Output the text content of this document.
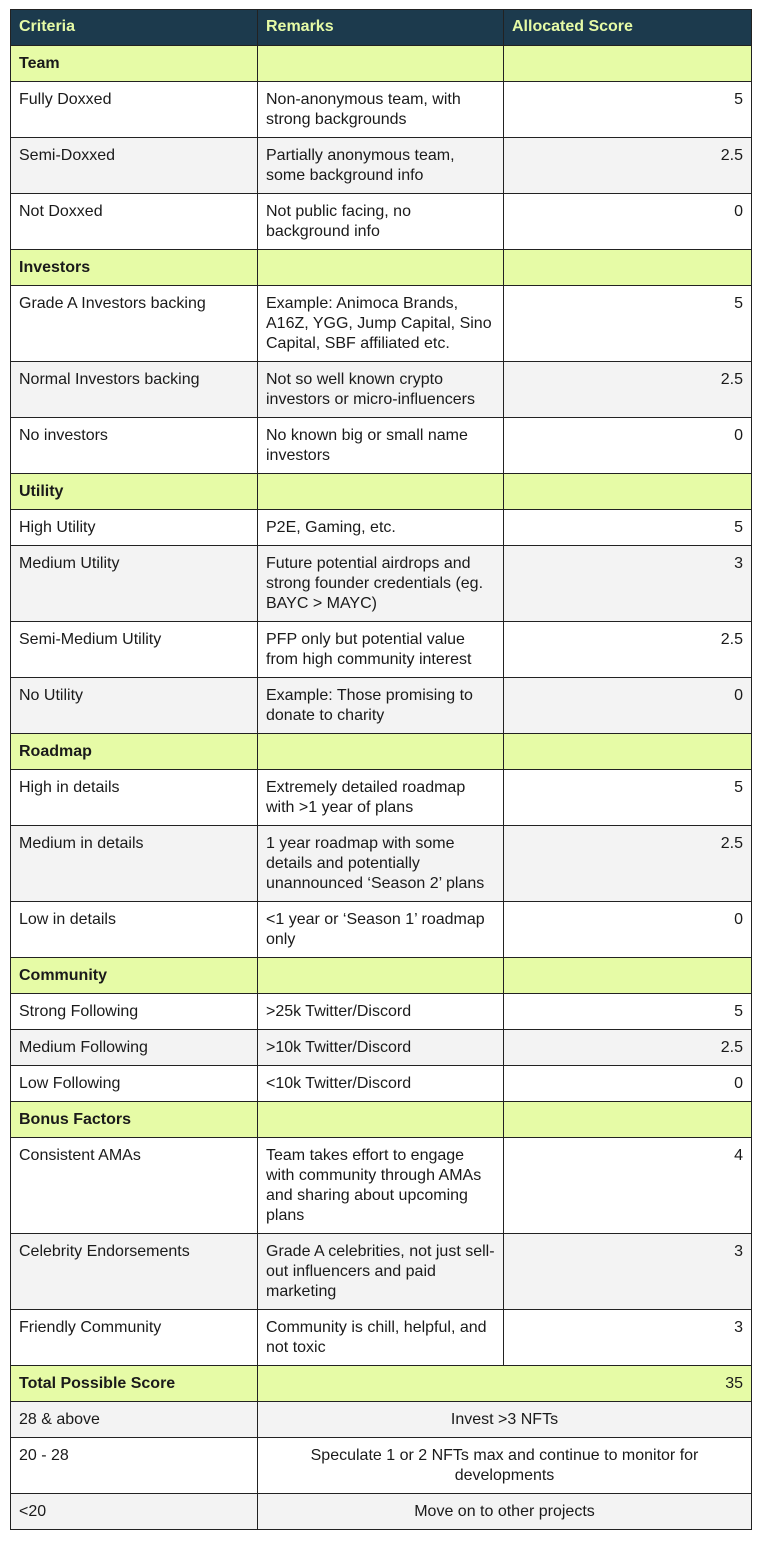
Criteria	Remarks	Allocated Score
Team		
Fully Doxxed	Non-anonymous team, with strong backgrounds	5
Semi-Doxxed	Partially anonymous team, some background info	2.5
Not Doxxed	Not public facing, no background info	0
Investors		
Grade A Investors backing	Example: Animoca Brands, A16Z, YGG, Jump Capital, Sino Capital, SBF affiliated etc.	5
Normal Investors backing	Not so well known crypto investors or micro-influencers	2.5
No investors	No known big or small name investors	0
Utility		
High Utility	P2E, Gaming, etc.	5
Medium Utility	Future potential airdrops and strong founder credentials (eg. BAYC > MAYC)	3
Semi-Medium Utility	PFP only but potential value from high community interest	2.5
No Utility	Example: Those promising to donate to charity	0
Roadmap		
High in details	Extremely detailed roadmap with >1 year of plans	5
Medium in details	1 year roadmap with some details and potentially unannounced ‘Season 2’ plans	2.5
Low in details	<1 year or ‘Season 1’ roadmap only	0
Community		
Strong Following	>25k Twitter/Discord	5
Medium Following	>10k Twitter/Discord	2.5
Low Following	<10k Twitter/Discord	0
Bonus Factors		
Consistent AMAs	Team takes effort to engage with community through AMAs and sharing about upcoming plans	4
Celebrity Endorsements	Grade A celebrities, not just sell-out influencers and paid marketing	3
Friendly Community	Community is chill, helpful, and not toxic	3
Total Possible Score	35	
28 & above	Invest >3 NFTs	
20 - 28	Speculate 1 or 2 NFTs max and continue to monitor for developments	
<20	Move on to other projects	
